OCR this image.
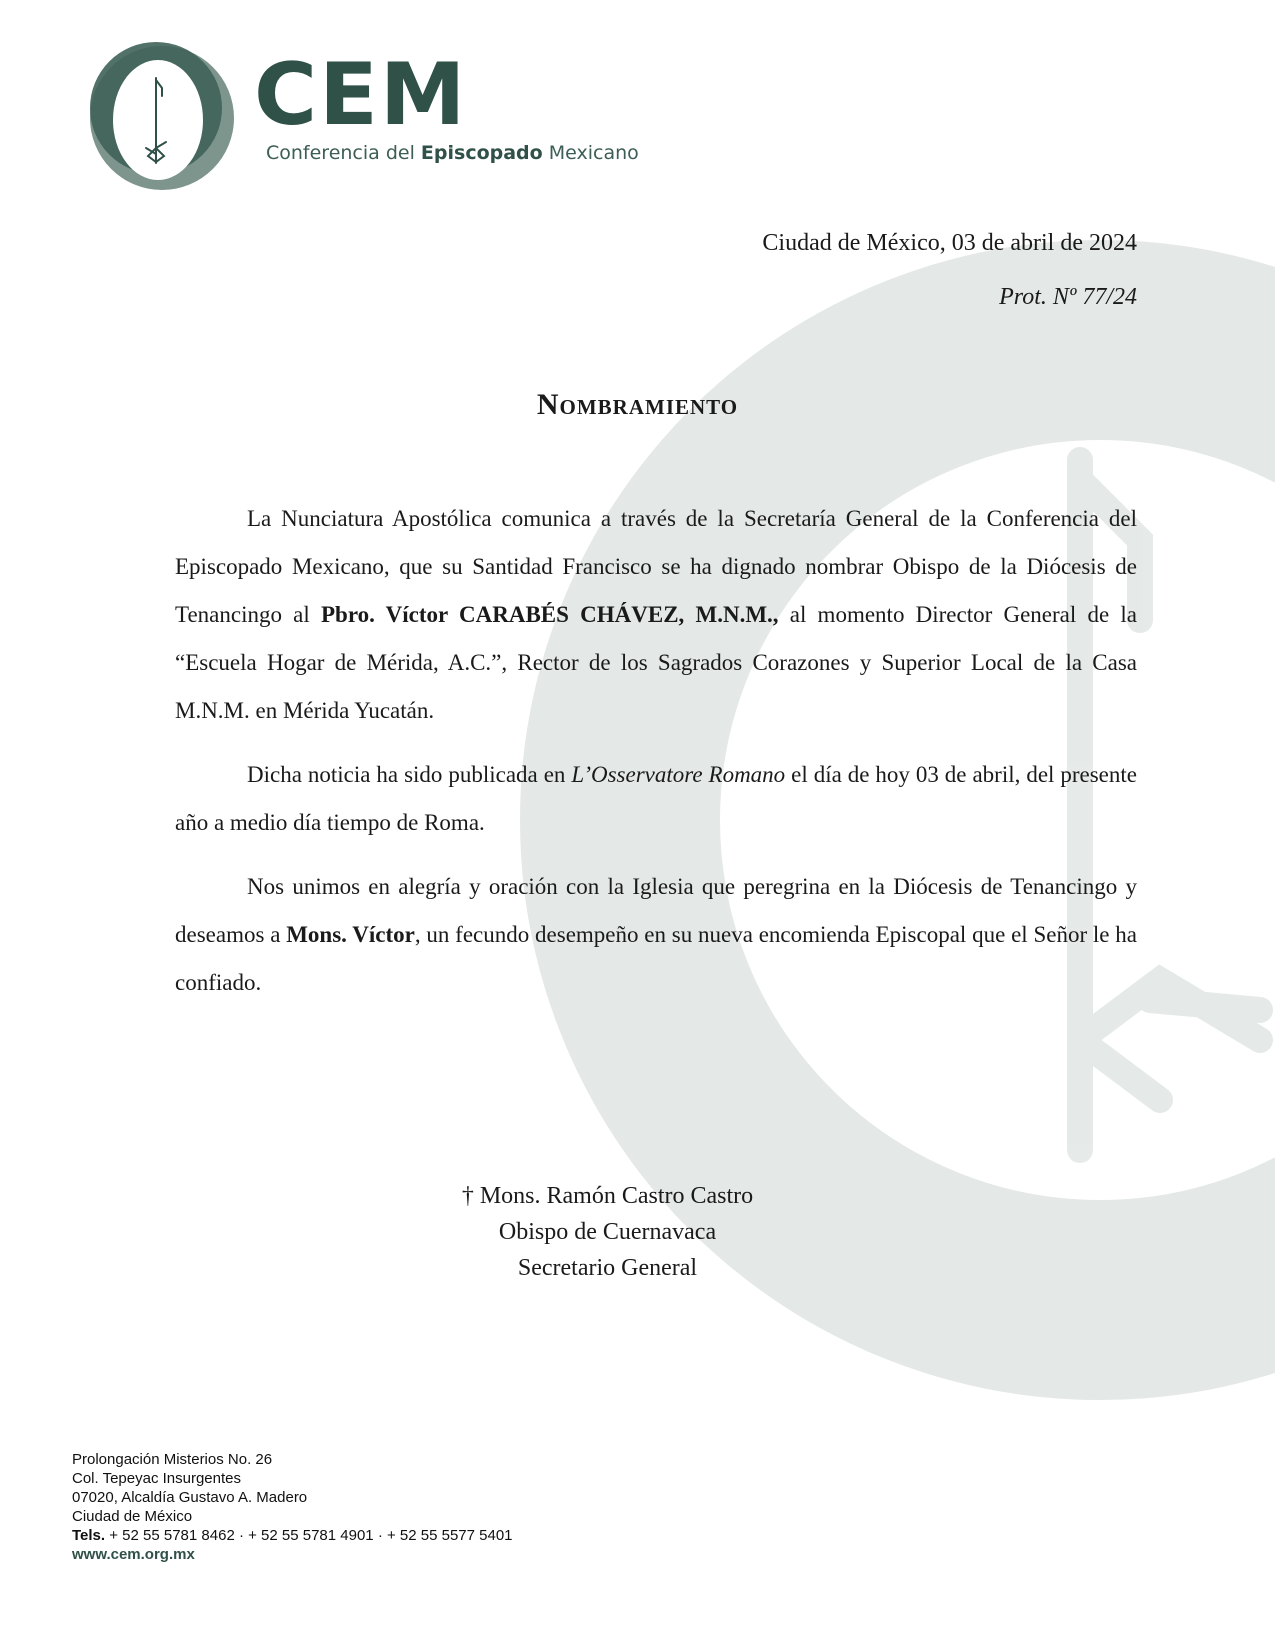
CEM
Conferencia del Episcopado Mexicano
Ciudad de México, 03 de abril de 2024
Prot. Nº 77/24
Nombramiento

La Nunciatura Apostólica comunica a través de la Secretaría General de la Conferencia del Episcopado Mexicano, que su Santidad Francisco se ha dignado nombrar Obispo de la Diócesis de Tenancingo al Pbro. Víctor CARABÉS CHÁVEZ, M.N.M., al momento Director General de la “Escuela Hogar de Mérida, A.C.”, Rector de los Sagrados Corazones y Superior Local de la Casa M.N.M. en Mérida Yucatán.

Dicha noticia ha sido publicada en L’Osservatore Romano el día de hoy 03 de abril, del presente año a medio día tiempo de Roma.

Nos unimos en alegría y oración con la Iglesia que peregrina en la Diócesis de Tenancingo y deseamos a Mons. Víctor, un fecundo desempeño en su nueva encomienda Episcopal que el Señor le ha confiado.

† Mons. Ramón Castro Castro
Obispo de Cuernavaca
Secretario General
Prolongación Misterios No. 26
Col. Tepeyac Insurgentes
07020, Alcaldía Gustavo A. Madero
Ciudad de México
Tels. + 52 55 5781 8462 · + 52 55 5781 4901 · + 52 55 5577 5401
www.cem.org.mx
